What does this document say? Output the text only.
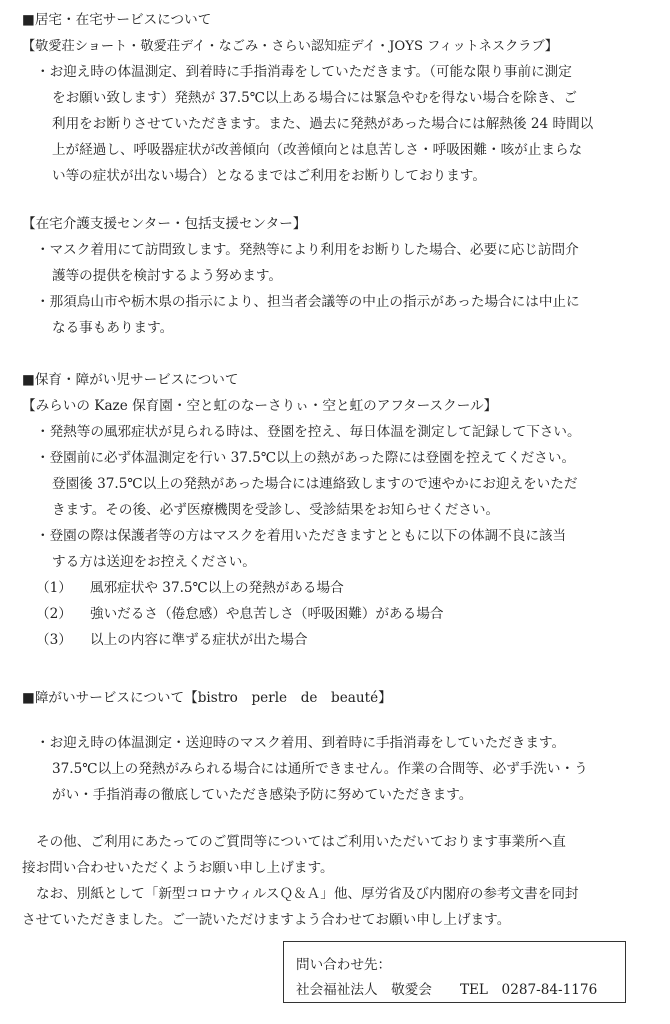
■居宅・在宅サービスについて
【敬愛荘ショート・敬愛荘デイ・なごみ・さらい認知症デイ・JOYS フィットネスクラブ】
・お迎え時の体温測定、到着時に手指消毒をしていただきます。（可能な限り事前に測定
をお願い致します）発熱が 37.5℃以上ある場合には緊急やむを得ない場合を除き、ご
利用をお断りさせていただきます。また、過去に発熱があった場合には解熱後 24 時間以
上が経過し、呼吸器症状が改善傾向（改善傾向とは息苦しさ・呼吸困難・咳が止まらな
い等の症状が出ない場合）となるまではご利用をお断りしております。
【在宅介護支援センター・包括支援センター】
・マスク着用にて訪問致します。発熱等により利用をお断りした場合、必要に応じ訪問介
護等の提供を検討するよう努めます。
・那須烏山市や栃木県の指示により、担当者会議等の中止の指示があった場合には中止に
なる事もあります。
■保育・障がい児サービスについて
【みらいの Kaze 保育園・空と虹のなーさりぃ・空と虹のアフタースクール】
・発熱等の風邪症状が見られる時は、登園を控え、毎日体温を測定して記録して下さい。
・登園前に必ず体温測定を行い 37.5℃以上の熱があった際には登園を控えてください。
登園後 37.5℃以上の発熱があった場合には連絡致しますので速やかにお迎えをいただ
きます。その後、必ず医療機関を受診し、受診結果をお知らせください。
・登園の際は保護者等の方はマスクを着用いただきますとともに以下の体調不良に該当
する方は送迎をお控えください。
（1） 風邪症状や 37.5℃以上の発熱がある場合
（2） 強いだるさ（倦怠感）や息苦しさ（呼吸困難）がある場合
（3） 以上の内容に準ずる症状が出た場合
■障がいサービスについて【bistro　perle　de　beauté】
・お迎え時の体温測定・送迎時のマスク着用、到着時に手指消毒をしていただきます。
37.5℃以上の発熱がみられる場合には通所できません。作業の合間等、必ず手洗い・う
がい・手指消毒の徹底していただき感染予防に努めていただきます。
その他、ご利用にあたってのご質問等についてはご利用いただいております事業所へ直
接お問い合わせいただくようお願い申し上げます。
なお、別紙として「新型コロナウィルスＱ＆Ａ」他、厚労省及び内閣府の参考文書を同封
させていただきました。ご一読いただけますよう合わせてお願い申し上げます。
問い合わせ先：
社会福祉法人　敬愛会 TEL　0287-84-1176
